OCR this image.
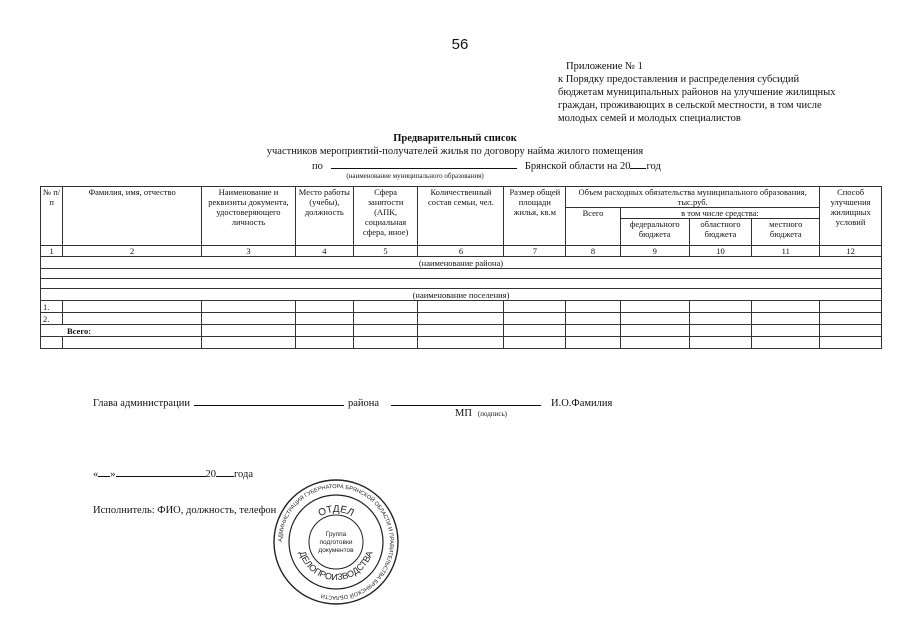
56
Приложение № 1
к Порядку предоставления и распределения субсидий
бюджетам муниципальных районов на улучшение жилищных
граждан, проживающих в сельской местности, в том числе
молодых семей и молодых специалистов
Предварительный список
участников мероприятий-получателей жилья по договору найма жилого помещения
по	Брянской области на 20 год
(наименование муниципального образования)
№ п/ п	Фамилия, имя, отчество	Наименование и реквизиты документа, удостоверяющего личность	Место работы (учебы), должность	Сфера занятости (АПК, социальная сфера, иное)	Количественный состав семьи, чел.	Размер общей площади жилья, кв.м	Объем расходных обязательства муниципального образования, тыс.руб.				Способ улучшения жилищных условий
							Всего	в том числе средства:			
								федерального бюджета	областного бюджета	местного бюджета	
1	2	3	4	5	6	7	8	9	10	11	12
(наименование района)											

(наименование поселения)											
1.											
2.											
Всего:											

Глава администрации	района	И.О.Фамилия
МП (подпись)
« »	20 года
Исполнитель: ФИО, должность, телефон
АДМИНИСТРАЦИЯ ГУБЕРНАТОРА БРЯНСКОЙ ОБЛАСТИ И ПРАВИТЕЛЬСТВА БРЯНСКОЙ ОБЛАСТИ
ОТДЕЛ
ДЕЛОПРОИЗВОДСТВА
Группа
подготовки
документов
